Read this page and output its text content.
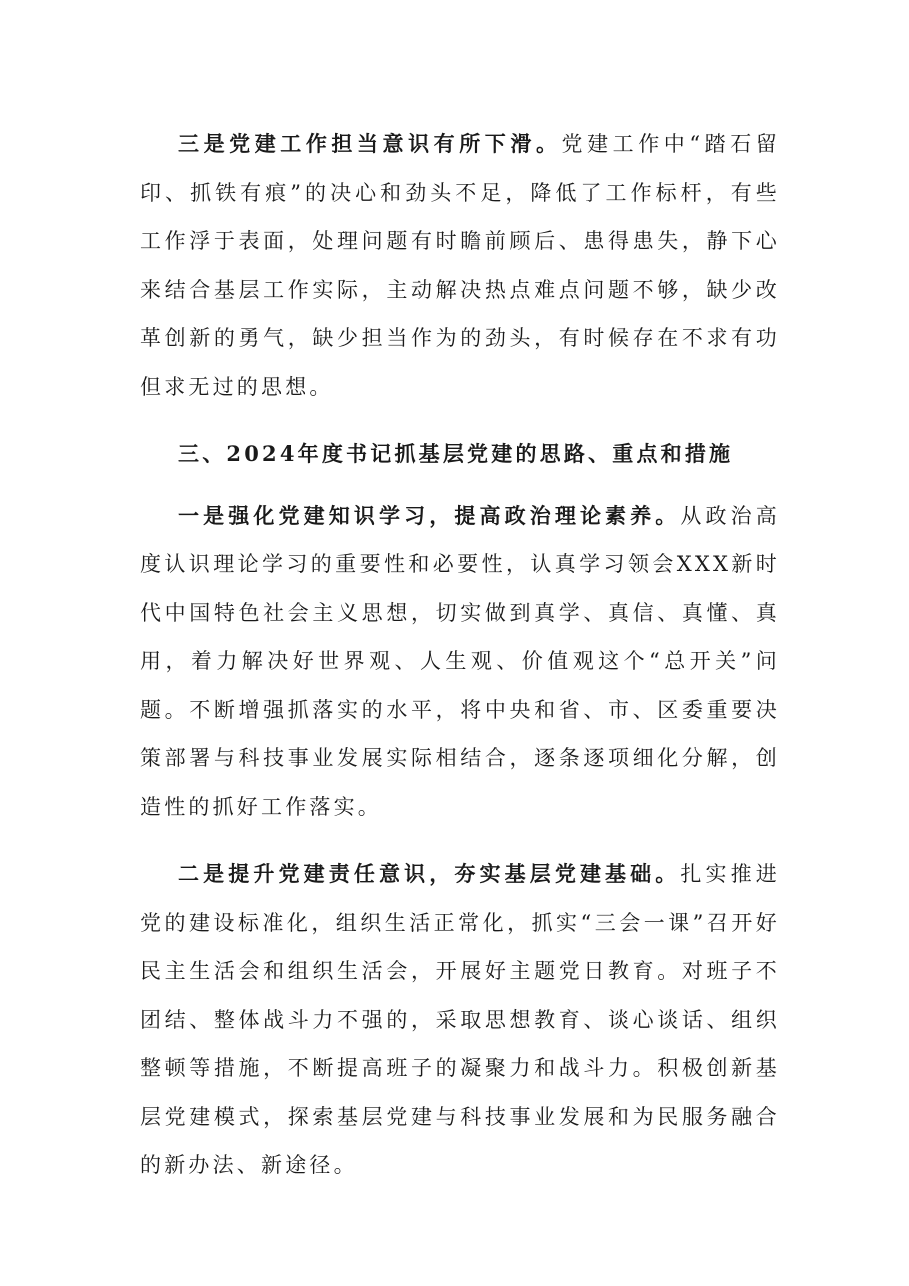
三是党建工作担当意识有所下滑。党建工作中“踏石留印、抓铁有痕”的决心和劲头不足，降低了工作标杆，有些工作浮于表面，处理问题有时瞻前顾后、患得患失，静下心来结合基层工作实际，主动解决热点难点问题不够，缺少改革创新的勇气，缺少担当作为的劲头，有时候存在不求有功但求无过的思想。

三、2024年度书记抓基层党建的思路、重点和措施

一是强化党建知识学习，提高政治理论素养。从政治高度认识理论学习的重要性和必要性，认真学习领会XXX新时代中国特色社会主义思想，切实做到真学、真信、真懂、真用，着力解决好世界观、人生观、价值观这个“总开关”问题。不断增强抓落实的水平，将中央和省、市、区委重要决策部署与科技事业发展实际相结合，逐条逐项细化分解，创造性的抓好工作落实。

二是提升党建责任意识，夯实基层党建基础。扎实推进党的建设标准化，组织生活正常化，抓实“三会一课”召开好民主生活会和组织生活会，开展好主题党日教育。对班子不团结、整体战斗力不强的，采取思想教育、谈心谈话、组织整顿等措施，不断提高班子的凝聚力和战斗力。积极创新基层党建模式，探索基层党建与科技事业发展和为民服务融合的新办法、新途径。
